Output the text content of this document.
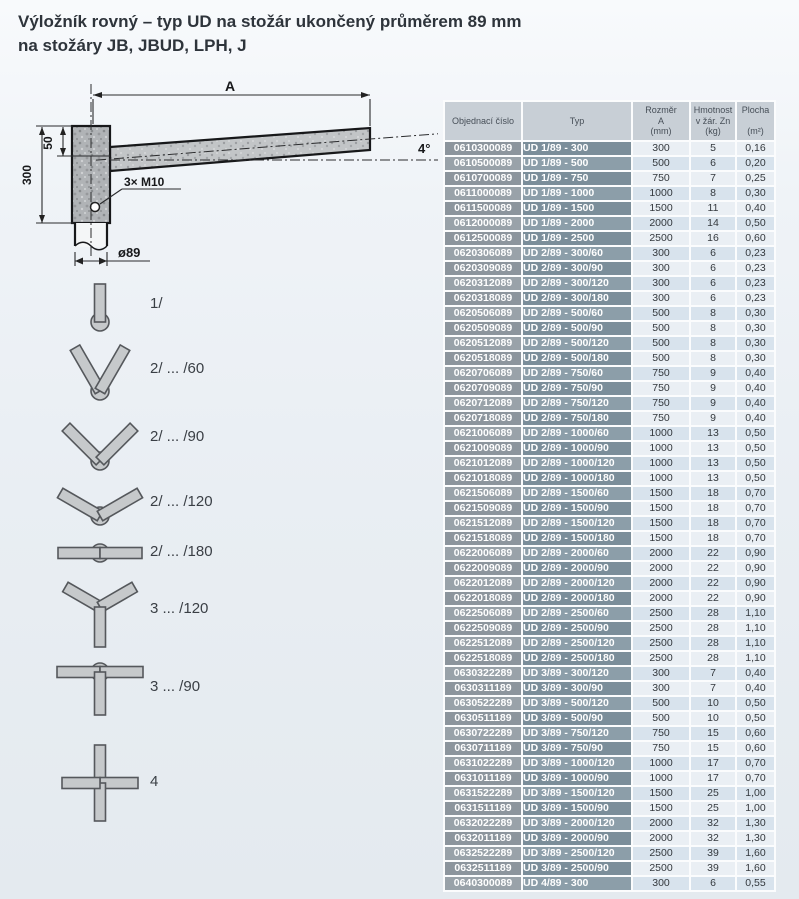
Výložník rovný – typ UD na stožár ukončený průměrem 89 mm
na stožáry JB, JBUD, LPH, J
A
50
300	3× M10
ø89
4°
1/
2/ ... /60
2/ ... /90
2/ ... /120
2/ ... /180
3 ... /120
3 ... /90
4
Objednací číslo	Typ	Rozměr
A
(mm)	Hmotnost
v žár. Zn
(kg)	Plocha

(m²)
0610300089	UD 1/89 - 300	300	5	0,16
0610500089	UD 1/89 - 500	500	6	0,20
0610700089	UD 1/89 - 750	750	7	0,25
0611000089	UD 1/89 - 1000	1000	8	0,30
0611500089	UD 1/89 - 1500	1500	11	0,40
0612000089	UD 1/89 - 2000	2000	14	0,50
0612500089	UD 1/89 - 2500	2500	16	0,60
0620306089	UD 2/89 - 300/60	300	6	0,23
0620309089	UD 2/89 - 300/90	300	6	0,23
0620312089	UD 2/89 - 300/120	300	6	0,23
0620318089	UD 2/89 - 300/180	300	6	0,23
0620506089	UD 2/89 - 500/60	500	8	0,30
0620509089	UD 2/89 - 500/90	500	8	0,30
0620512089	UD 2/89 - 500/120	500	8	0,30
0620518089	UD 2/89 - 500/180	500	8	0,30
0620706089	UD 2/89 - 750/60	750	9	0,40
0620709089	UD 2/89 - 750/90	750	9	0,40
0620712089	UD 2/89 - 750/120	750	9	0,40
0620718089	UD 2/89 - 750/180	750	9	0,40
0621006089	UD 2/89 - 1000/60	1000	13	0,50
0621009089	UD 2/89 - 1000/90	1000	13	0,50
0621012089	UD 2/89 - 1000/120	1000	13	0,50
0621018089	UD 2/89 - 1000/180	1000	13	0,50
0621506089	UD 2/89 - 1500/60	1500	18	0,70
0621509089	UD 2/89 - 1500/90	1500	18	0,70
0621512089	UD 2/89 - 1500/120	1500	18	0,70
0621518089	UD 2/89 - 1500/180	1500	18	0,70
0622006089	UD 2/89 - 2000/60	2000	22	0,90
0622009089	UD 2/89 - 2000/90	2000	22	0,90
0622012089	UD 2/89 - 2000/120	2000	22	0,90
0622018089	UD 2/89 - 2000/180	2000	22	0,90
0622506089	UD 2/89 - 2500/60	2500	28	1,10
0622509089	UD 2/89 - 2500/90	2500	28	1,10
0622512089	UD 2/89 - 2500/120	2500	28	1,10
0622518089	UD 2/89 - 2500/180	2500	28	1,10
0630322289	UD 3/89 - 300/120	300	7	0,40
0630311189	UD 3/89 - 300/90	300	7	0,40
0630522289	UD 3/89 - 500/120	500	10	0,50
0630511189	UD 3/89 - 500/90	500	10	0,50
0630722289	UD 3/89 - 750/120	750	15	0,60
0630711189	UD 3/89 - 750/90	750	15	0,60
0631022289	UD 3/89 - 1000/120	1000	17	0,70
0631011189	UD 3/89 - 1000/90	1000	17	0,70
0631522289	UD 3/89 - 1500/120	1500	25	1,00
0631511189	UD 3/89 - 1500/90	1500	25	1,00
0632022289	UD 3/89 - 2000/120	2000	32	1,30
0632011189	UD 3/89 - 2000/90	2000	32	1,30
0632522289	UD 3/89 - 2500/120	2500	39	1,60
0632511189	UD 3/89 - 2500/90	2500	39	1,60
0640300089	UD 4/89 - 300	300	6	0,55
